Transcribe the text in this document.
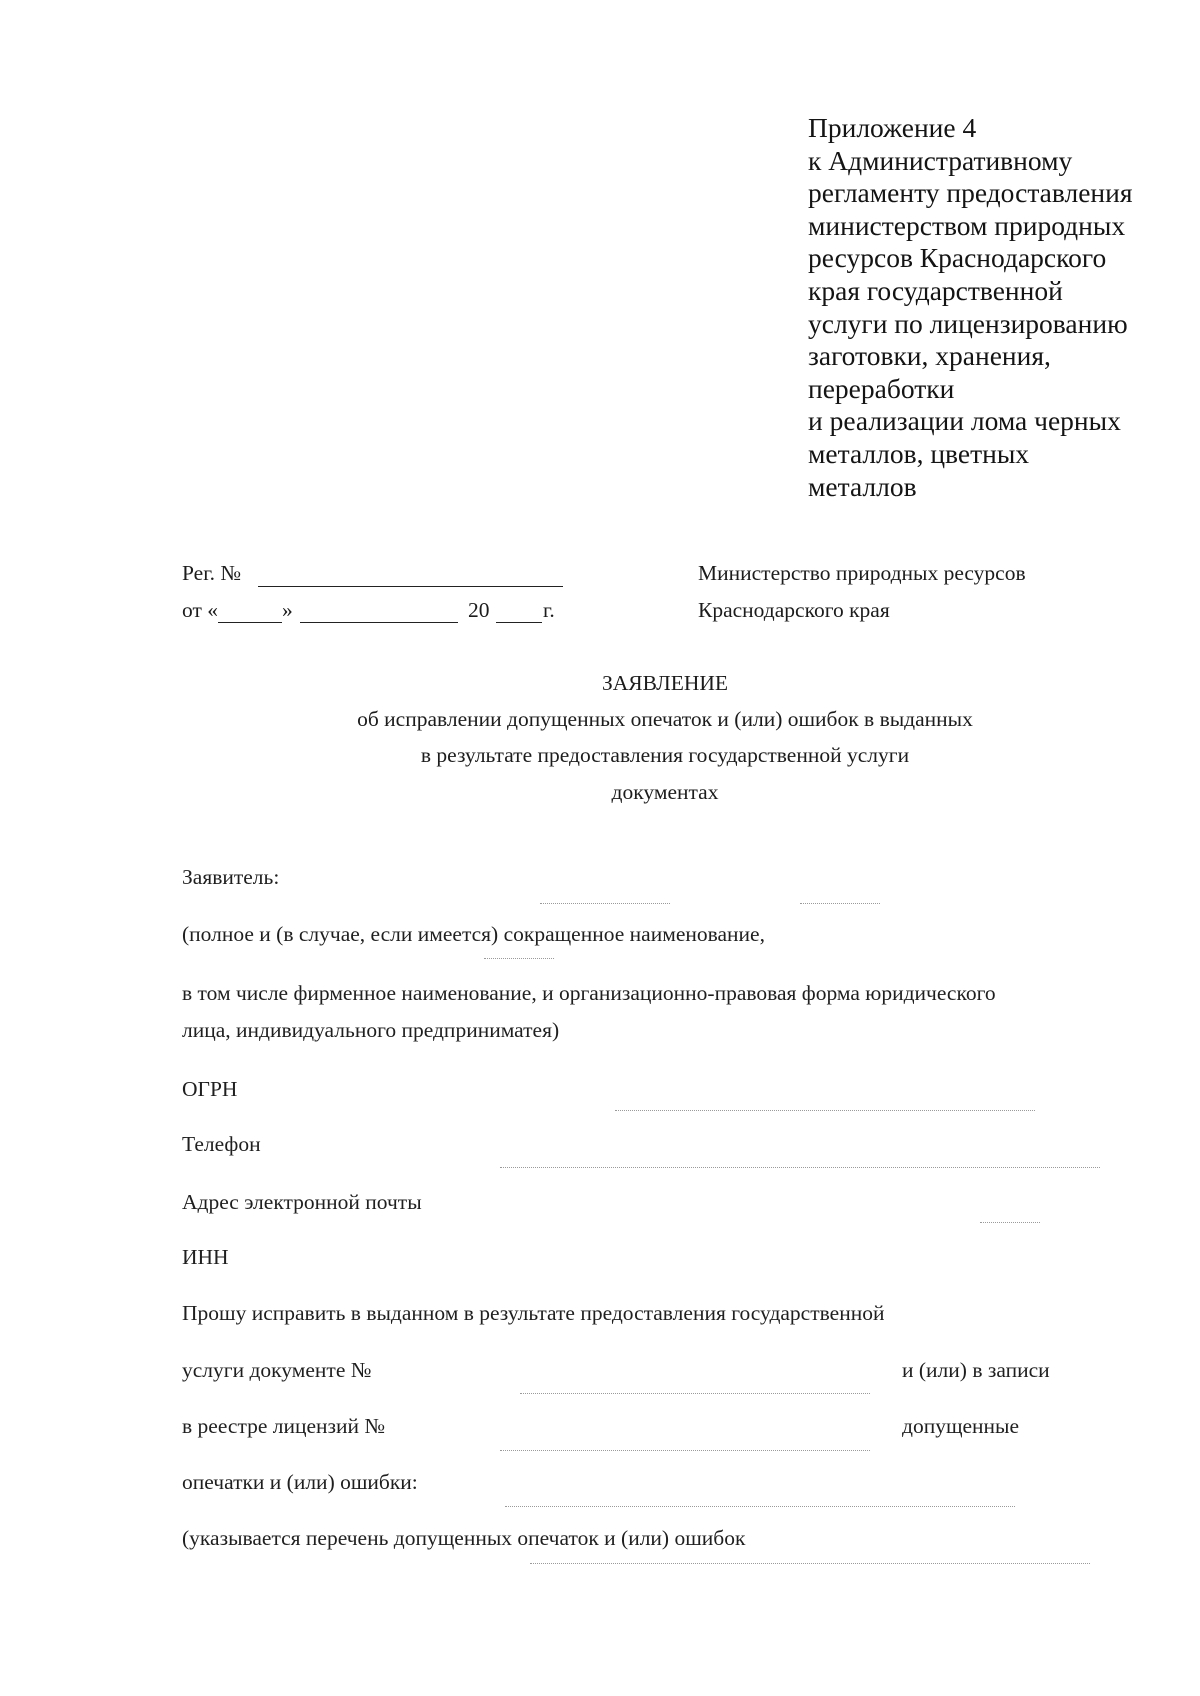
Приложение 4
к Административному
регламенту предоставления
министерством природных
ресурсов Краснодарского
края государственной
услуги по лицензированию
заготовки, хранения,
переработки
и реализации лома черных
металлов, цветных
металлов
Рег. №
от «	»	20 г.
Министерство природных ресурсов
Краснодарского края
ЗАЯВЛЕНИЕ
об исправлении допущенных опечаток и (или) ошибок в выданных
в результате предоставления государственной услуги
документах
Заявитель:
(полное и (в случае, если имеется) сокращенное наименование,
в том числе фирменное наименование, и организационно-правовая форма юридического
лица, индивидуального предприниматея)
ОГРН
Телефон
Адрес электронной почты
ИНН
Прошу исправить в выданном в результате предоставления государственной
услуги документе №	и (или) в записи
в реестре лицензий №	допущенные
опечатки и (или) ошибки:
(указывается перечень допущенных опечаток и (или) ошибок
